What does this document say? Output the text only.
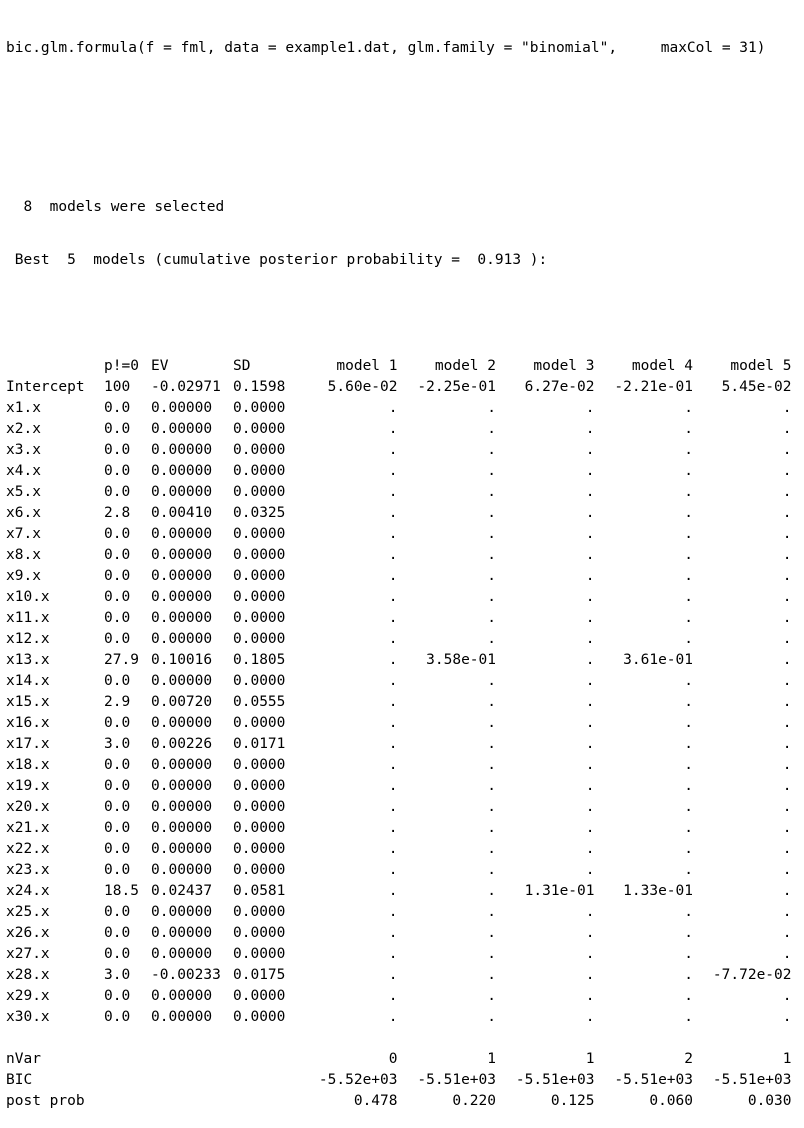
bic.glm.formula(f = fml, data = example1.dat, glm.family = "binomial",     maxCol = 31)

8  models were selected

Best  5  models (cumulative posterior probability =  0.913 ):

	p!=0	EV	SD	model 1	model 2	model 3	model 4	model 5
Intercept	100	-0.02971	0.1598	5.60e-02	-2.25e-01	6.27e-02	-2.21e-01	5.45e-02
x1.x	0.0	0.00000	0.0000	.	.	.	.	.
x2.x	0.0	0.00000	0.0000	.	.	.	.	.
x3.x	0.0	0.00000	0.0000	.	.	.	.	.
x4.x	0.0	0.00000	0.0000	.	.	.	.	.
x5.x	0.0	0.00000	0.0000	.	.	.	.	.
x6.x	2.8	0.00410	0.0325	.	.	.	.	.
x7.x	0.0	0.00000	0.0000	.	.	.	.	.
x8.x	0.0	0.00000	0.0000	.	.	.	.	.
x9.x	0.0	0.00000	0.0000	.	.	.	.	.
x10.x	0.0	0.00000	0.0000	.	.	.	.	.
x11.x	0.0	0.00000	0.0000	.	.	.	.	.
x12.x	0.0	0.00000	0.0000	.	.	.	.	.
x13.x	27.9	0.10016	0.1805	.	3.58e-01	.	3.61e-01	.
x14.x	0.0	0.00000	0.0000	.	.	.	.	.
x15.x	2.9	0.00720	0.0555	.	.	.	.	.
x16.x	0.0	0.00000	0.0000	.	.	.	.	.
x17.x	3.0	0.00226	0.0171	.	.	.	.	.
x18.x	0.0	0.00000	0.0000	.	.	.	.	.
x19.x	0.0	0.00000	0.0000	.	.	.	.	.
x20.x	0.0	0.00000	0.0000	.	.	.	.	.
x21.x	0.0	0.00000	0.0000	.	.	.	.	.
x22.x	0.0	0.00000	0.0000	.	.	.	.	.
x23.x	0.0	0.00000	0.0000	.	.	.	.	.
x24.x	18.5	0.02437	0.0581	.	.	1.31e-01	1.33e-01	.
x25.x	0.0	0.00000	0.0000	.	.	.	.	.
x26.x	0.0	0.00000	0.0000	.	.	.	.	.
x27.x	0.0	0.00000	0.0000	.	.	.	.	.
x28.x	3.0	-0.00233	0.0175	.	.	.	.	-7.72e-02
x29.x	0.0	0.00000	0.0000	.	.	.	.	.
x30.x	0.0	0.00000	0.0000	.	.	.	.	.

nVar				0	1	1	2	1
BIC				-5.52e+03	-5.51e+03	-5.51e+03	-5.51e+03	-5.51e+03
post prob				0.478	0.220	0.125	0.060	0.030
